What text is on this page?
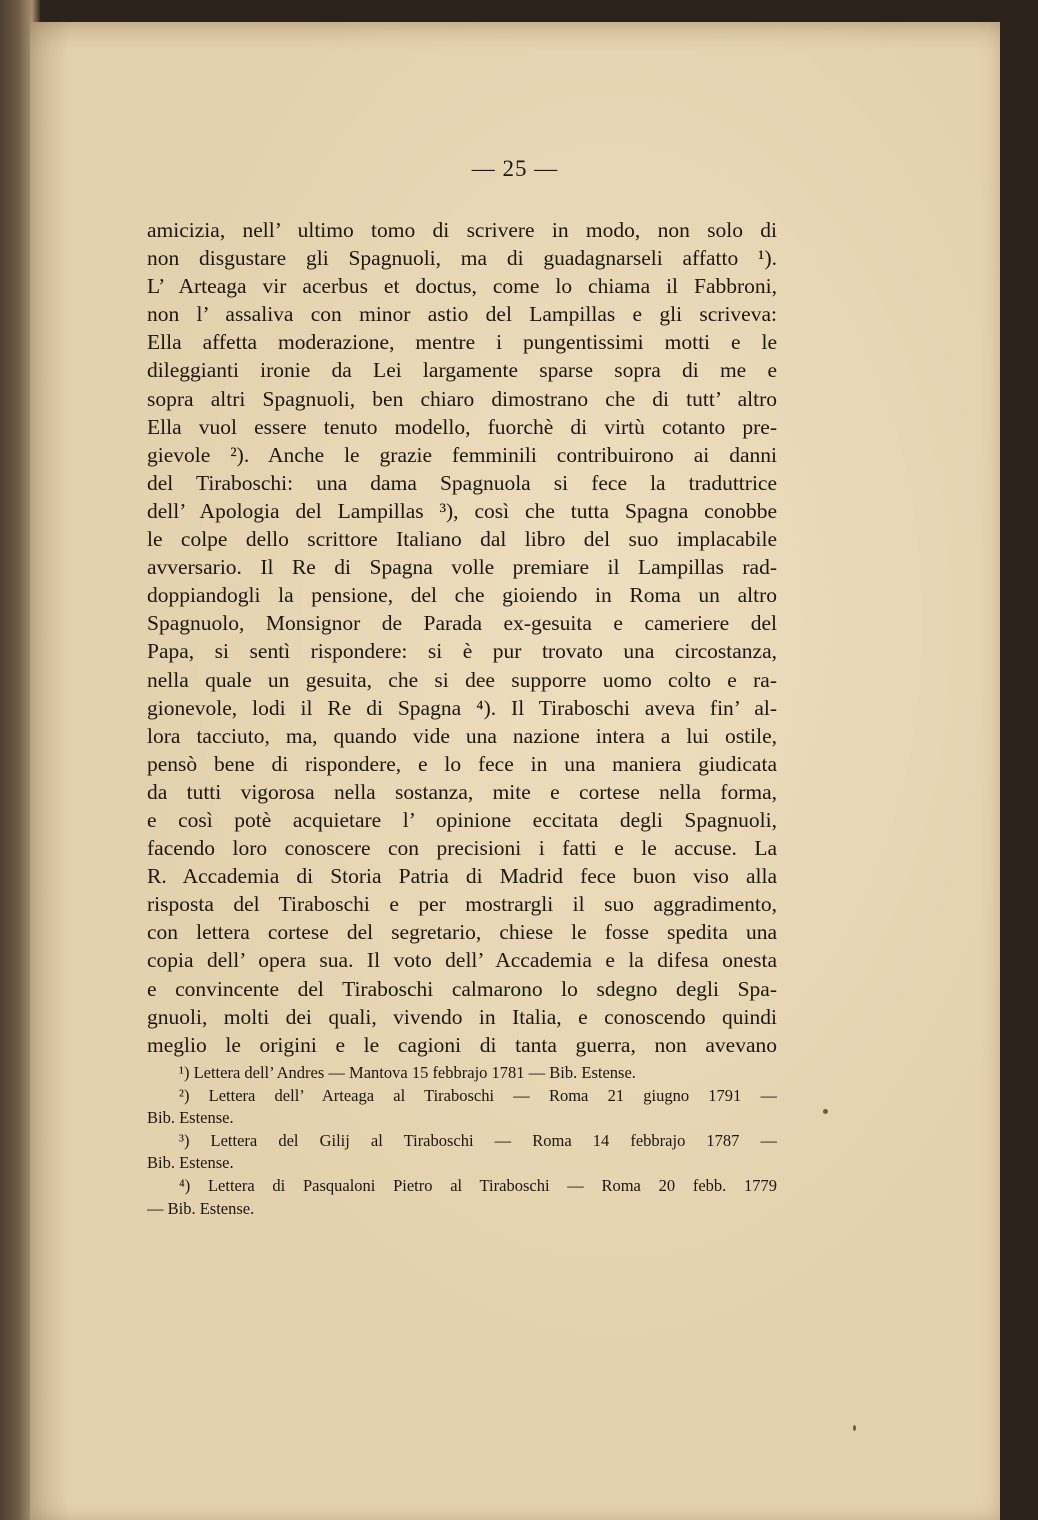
— 25 —
amicizia, nell’ ultimo tomo di scrivere in modo, non solo di
non disgustare gli Spagnuoli, ma di guadagnarseli affatto ¹).
L’ Arteaga vir acerbus et doctus, come lo chiama il Fabbroni,
non l’ assaliva con minor astio del Lampillas e gli scriveva:
Ella affetta moderazione, mentre i pungentissimi motti e le
dileggianti ironie da Lei largamente sparse sopra di me e
sopra altri Spagnuoli, ben chiaro dimostrano che di tutt’ altro
Ella vuol essere tenuto modello, fuorchè di virtù cotanto pre-
gievole ²). Anche le grazie femminili contribuirono ai danni
del Tiraboschi: una dama Spagnuola si fece la traduttrice
dell’ Apologia del Lampillas ³), così che tutta Spagna conobbe
le colpe dello scrittore Italiano dal libro del suo implacabile
avversario. Il Re di Spagna volle premiare il Lampillas rad-
doppiandogli la pensione, del che gioiendo in Roma un altro
Spagnuolo, Monsignor de Parada ex-gesuita e cameriere del
Papa, si sentì rispondere: si è pur trovato una circostanza,
nella quale un gesuita, che si dee supporre uomo colto e ra-
gionevole, lodi il Re di Spagna ⁴). Il Tiraboschi aveva fin’ al-
lora tacciuto, ma, quando vide una nazione intera a lui ostile,
pensò bene di rispondere, e lo fece in una maniera giudicata
da tutti vigorosa nella sostanza, mite e cortese nella forma,
e così potè acquietare l’ opinione eccitata degli Spagnuoli,
facendo loro conoscere con precisioni i fatti e le accuse. La
R. Accademia di Storia Patria di Madrid fece buon viso alla
risposta del Tiraboschi e per mostrargli il suo aggradimento,
con lettera cortese del segretario, chiese le fosse spedita una
copia dell’ opera sua. Il voto dell’ Accademia e la difesa onesta
e convincente del Tiraboschi calmarono lo sdegno degli Spa-
gnuoli, molti dei quali, vivendo in Italia, e conoscendo quindi
meglio le origini e le cagioni di tanta guerra, non avevano
¹) Lettera dell’ Andres — Mantova 15 febbrajo 1781 — Bib. Estense.
²) Lettera dell’ Arteaga al Tiraboschi — Roma 21 giugno 1791 —
Bib. Estense.
³) Lettera del Gilij al Tiraboschi — Roma 14 febbrajo 1787 —
Bib. Estense.
⁴) Lettera di Pasqualoni Pietro al Tiraboschi — Roma 20 febb. 1779
— Bib. Estense.
